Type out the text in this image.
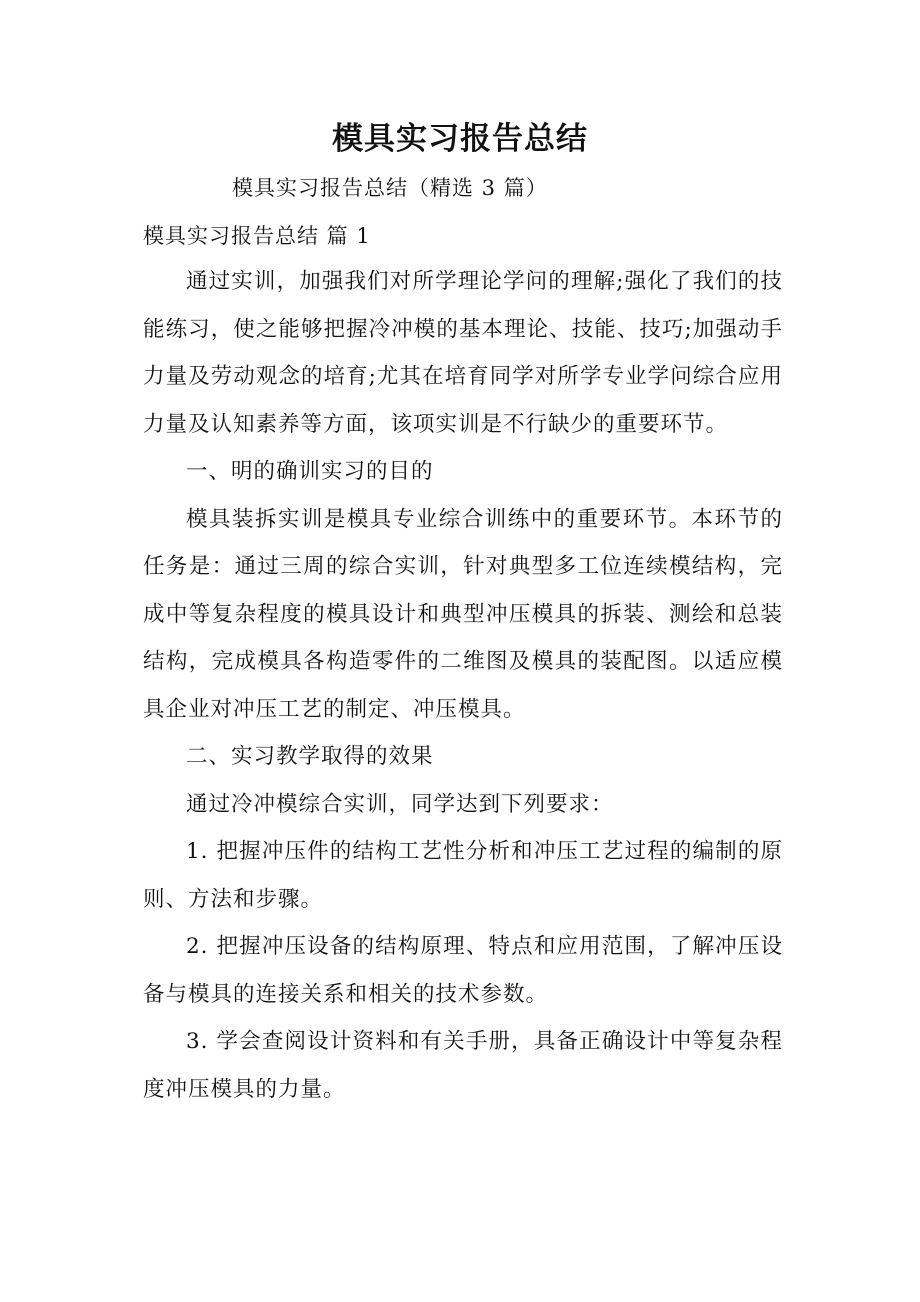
模具实习报告总结
模具实习报告总结（精选 3 篇）
模具实习报告总结 篇 1

通过实训，加强我们对所学理论学问的理解;强化了我们的技能练习，使之能够把握冷冲模的基本理论、技能、技巧;加强动手力量及劳动观念的培育;尤其在培育同学对所学专业学问综合应用力量及认知素养等方面，该项实训是不行缺少的重要环节。

一、明的确训实习的目的

模具装拆实训是模具专业综合训练中的重要环节。本环节的任务是：通过三周的综合实训，针对典型多工位连续模结构，完成中等复杂程度的模具设计和典型冲压模具的拆装、测绘和总装结构，完成模具各构造零件的二维图及模具的装配图。以适应模具企业对冲压工艺的制定、冲压模具。

二、实习教学取得的效果

通过冷冲模综合实训，同学达到下列要求：

1. 把握冲压件的结构工艺性分析和冲压工艺过程的编制的原则、方法和步骤。

2. 把握冲压设备的结构原理、特点和应用范围，了解冲压设备与模具的连接关系和相关的技术参数。

3. 学会查阅设计资料和有关手册，具备正确设计中等复杂程度冲压模具的力量。
